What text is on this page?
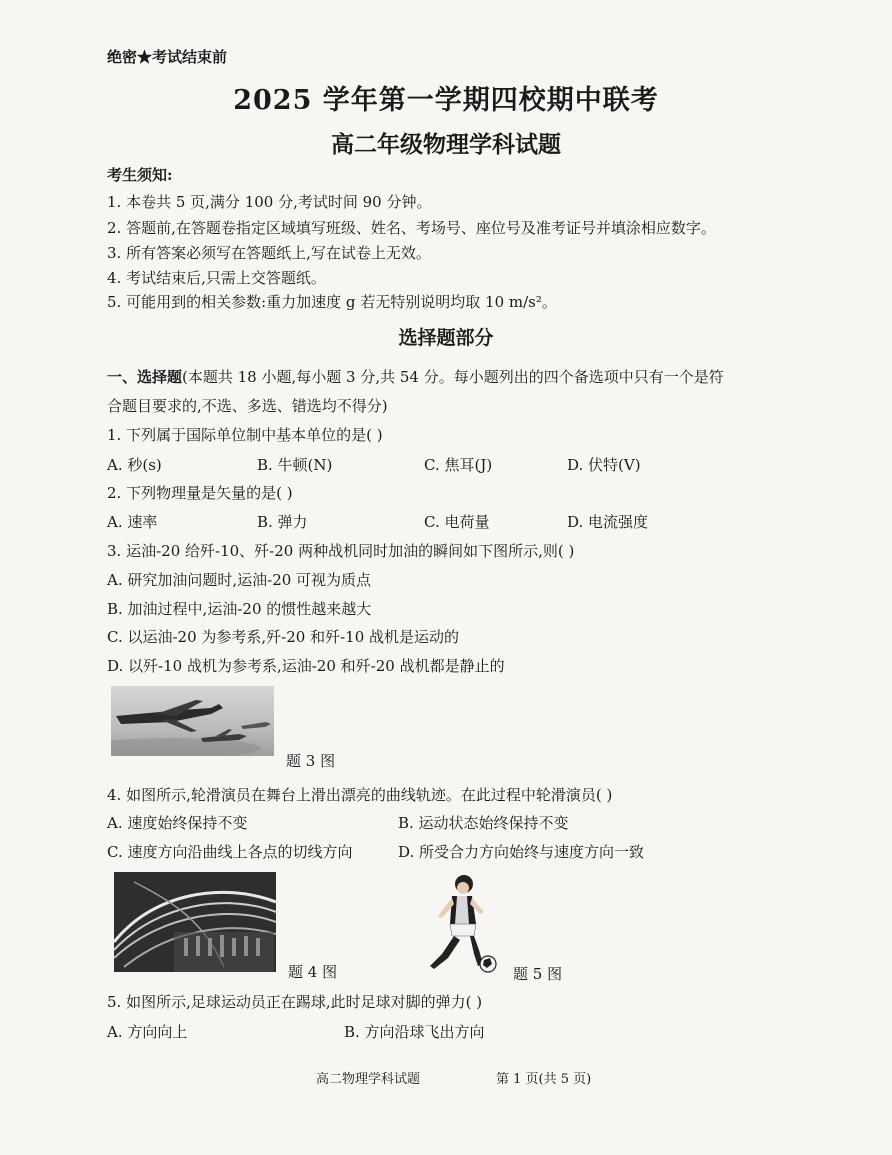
绝密★考试结束前
2025 学年第一学期四校期中联考
高二年级物理学科试题
考生须知:
1. 本卷共 5 页,满分 100 分,考试时间 90 分钟。
2. 答题前,在答题卷指定区域填写班级、姓名、考场号、座位号及准考证号并填涂相应数字。
3. 所有答案必须写在答题纸上,写在试卷上无效。
4. 考试结束后,只需上交答题纸。
5. 可能用到的相关参数:重力加速度 g 若无特别说明均取 10 m/s²。
选择题部分
一、选择题(本题共 18 小题,每小题 3 分,共 54 分。每小题列出的四个备选项中只有一个是符
合题目要求的,不选、多选、错选均不得分)
1. 下列属于国际单位制中基本单位的是( )
A. 秒(s)	B. 牛顿(N)	C. 焦耳(J)	D. 伏特(V)
2. 下列物理量是矢量的是( )
A. 速率	B. 弹力	C. 电荷量	D. 电流强度
3. 运油-20 给歼-10、歼-20 两种战机同时加油的瞬间如下图所示,则( )
A. 研究加油问题时,运油-20 可视为质点
B. 加油过程中,运油-20 的惯性越来越大
C. 以运油-20 为参考系,歼-20 和歼-10 战机是运动的
D. 以歼-10 战机为参考系,运油-20 和歼-20 战机都是静止的
题 3 图
4. 如图所示,轮滑演员在舞台上滑出漂亮的曲线轨迹。在此过程中轮滑演员( )
A. 速度始终保持不变	B. 运动状态始终保持不变
C. 速度方向沿曲线上各点的切线方向	D. 所受合力方向始终与速度方向一致
题 4 图	题 5 图
5. 如图所示,足球运动员正在踢球,此时足球对脚的弹力( )
A. 方向向上	B. 方向沿球飞出方向
高二物理学科试题	第 1 页(共 5 页)
